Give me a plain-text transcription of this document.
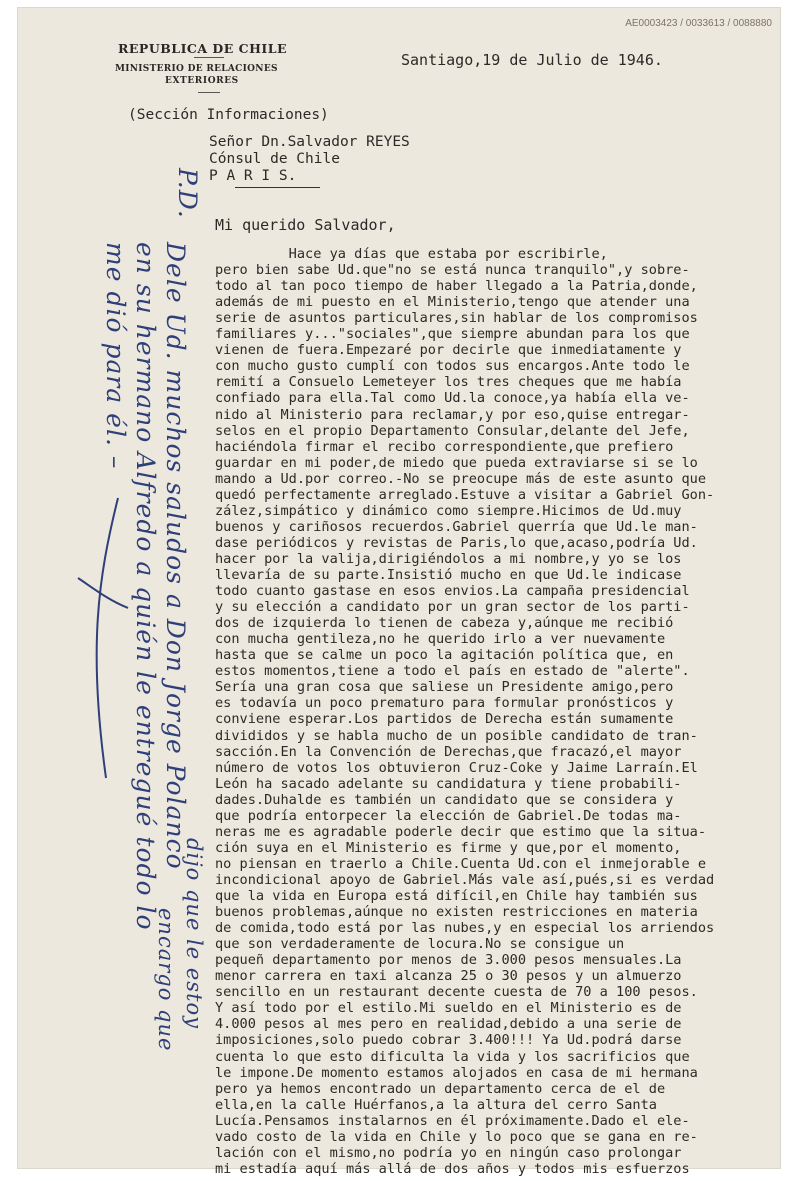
AE0003423 / 0033613 / 0088880
REPUBLICA DE CHILE
MINISTERIO DE RELACIONES
EXTERIORES
Santiago,19 de Julio de 1946.
(Sección Informaciones)
Señor Dn.Salvador REYES
Cónsul de Chile
P A R I S.
Mi querido Salvador,
Hace ya días que estaba por escribirle,
pero bien sabe Ud.que"no se está nunca tranquilo",y sobre-
todo al tan poco tiempo de haber llegado a la Patria,donde,
además de mi puesto en el Ministerio,tengo que atender una
serie de asuntos particulares,sin hablar de los compromisos
familiares y..."sociales",que siempre abundan para los que
vienen de fuera.Empezaré por decirle que inmediatamente y
con mucho gusto cumplí con todos sus encargos.Ante todo le
remití a Consuelo Lemeteyer los tres cheques que me había
confiado para ella.Tal como Ud.la conoce,ya había ella ve-
nido al Ministerio para reclamar,y por eso,quise entregar-
selos en el propio Departamento Consular,delante del Jefe,
haciéndola firmar el recibo correspondiente,que prefiero
guardar en mi poder,de miedo que pueda extraviarse si se lo
mando a Ud.por correo.-No se preocupe más de este asunto que
quedó perfectamente arreglado.Estuve a visitar a Gabriel Gon-
zález,simpático y dinámico como siempre.Hicimos de Ud.muy
buenos y cariñosos recuerdos.Gabriel querría que Ud.le man-
dase periódicos y revistas de Paris,lo que,acaso,podría Ud.
hacer por la valija,dirigiéndolos a mi nombre,y yo se los
llevaría de su parte.Insistió mucho en que Ud.le indicase
todo cuanto gastase en esos envios.La campaña presidencial
y su elección a candidato por un gran sector de los parti-
dos de izquierda lo tienen de cabeza y,aúnque me recibió
con mucha gentileza,no he querido irlo a ver nuevamente
hasta que se calme un poco la agitación política que, en
estos momentos,tiene a todo el país en estado de "alerte".
Sería una gran cosa que saliese un Presidente amigo,pero
es todavía un poco prematuro para formular pronósticos y
conviene esperar.Los partidos de Derecha están sumamente
divididos y se habla mucho de un posible candidato de tran-
sacción.En la Convención de Derechas,que fracazó,el mayor
número de votos los obtuvieron Cruz-Coke y Jaime Larraín.El
León ha sacado adelante su candidatura y tiene probabili-
dades.Duhalde es también un candidato que se considera y
que podría entorpecer la elección de Gabriel.De todas ma-
neras me es agradable poderle decir que estimo que la situa-
ción suya en el Ministerio es firme y que,por el momento,
no piensan en traerlo a Chile.Cuenta Ud.con el inmejorable e
incondicional apoyo de Gabriel.Más vale así,pués,si es verdad
que la vida en Europa está difícil,en Chile hay también sus
buenos problemas,aúnque no existen restricciones en materia
de comida,todo está por las nubes,y en especial los arriendos
que son verdaderamente de locura.No se consigue un
pequeñ departamento por menos de 3.000 pesos mensuales.La
menor carrera en taxi alcanza 25 o 30 pesos y un almuerzo
sencillo en un restaurant decente cuesta de 70 a 100 pesos.
Y así todo por el estilo.Mi sueldo en el Ministerio es de
4.000 pesos al mes pero en realidad,debido a una serie de
imposiciones,solo puedo cobrar 3.400!!! Ya Ud.podrá darse
cuenta lo que esto dificulta la vida y los sacrificios que
le impone.De momento estamos alojados en casa de mi hermana
pero ya hemos encontrado un departamento cerca de el de
ella,en la calle Huérfanos,a la altura del cerro Santa
Lucía.Pensamos instalarnos en él próximamente.Dado el ele-
vado costo de la vida en Chile y lo poco que se gana en re-
lación con el mismo,no podría yo en ningún caso prolongar
mi estadía aquí más allá de dos años y todos mis esfuerzos
P.D.
Dele Ud. muchos saludos a Don Jorge Polanco
en su hermano Alfredo a quién le entregué todo lo
me dió para él. –
dijo que le estoy
encargo que
